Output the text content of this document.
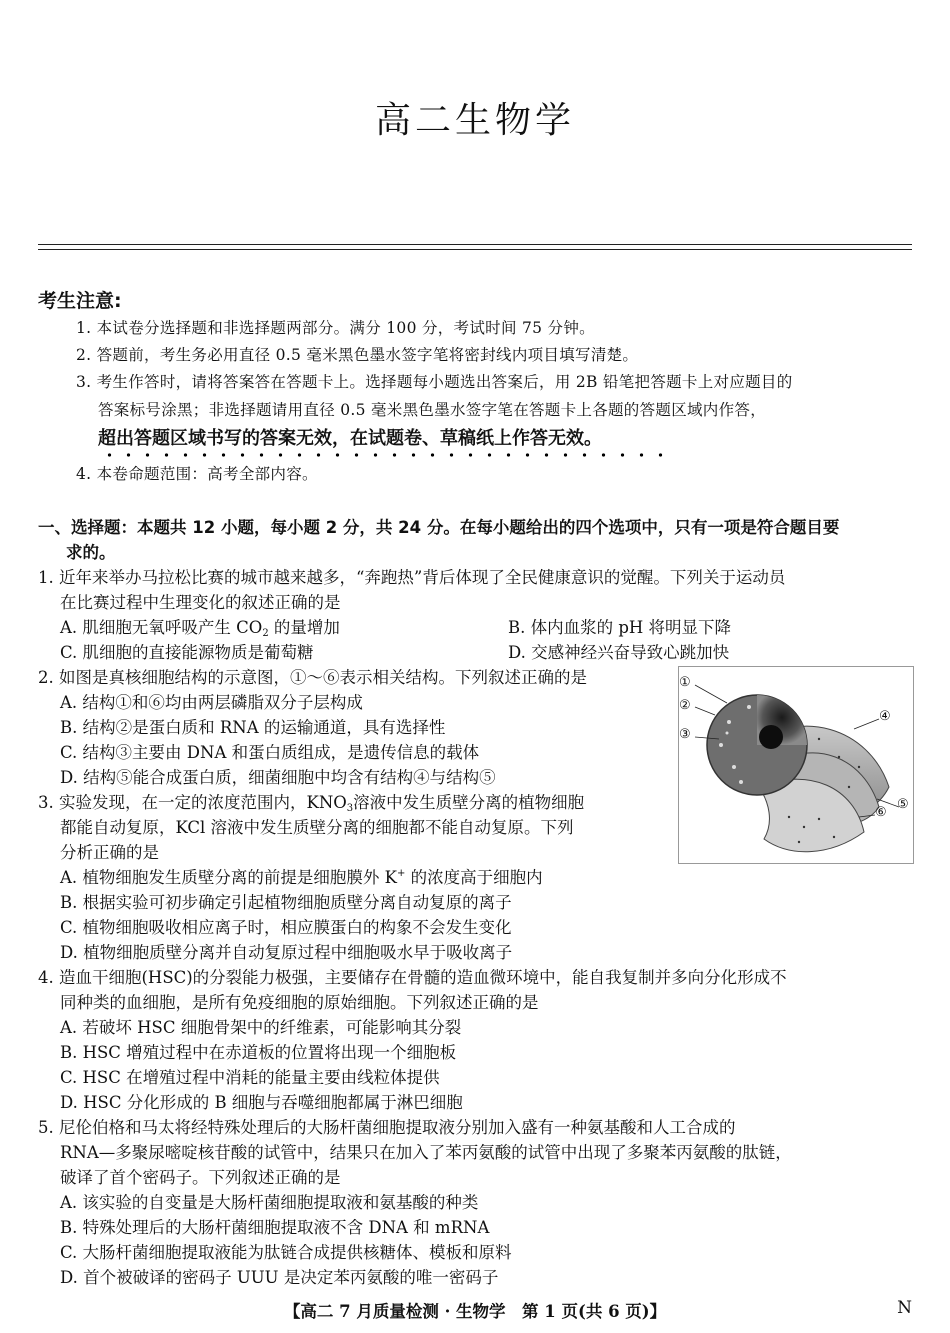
高二生物学
考生注意:
1. 本试卷分选择题和非选择题两部分。满分 100 分，考试时间 75 分钟。
2. 答题前，考生务必用直径 0.5 毫米黑色墨水签字笔将密封线内项目填写清楚。
3. 考生作答时，请将答案答在答题卡上。选择题每小题选出答案后，用 2B 铅笔把答题卡上对应题目的
答案标号涂黑；非选择题请用直径 0.5 毫米黑色墨水签字笔在答题卡上各题的答题区域内作答，
超出答题区域书写的答案无效，在试题卷、草稿纸上作答无效。
4. 本卷命题范围：高考全部内容。
一、选择题：本题共 12 小题，每小题 2 分，共 24 分。在每小题给出的四个选项中，只有一项是符合题目要
求的。
1. 近年来举办马拉松比赛的城市越来越多，“奔跑热”背后体现了全民健康意识的觉醒。下列关于运动员
在比赛过程中生理变化的叙述正确的是
A. 肌细胞无氧呼吸产生 CO2 的量增加	B. 体内血浆的 pH 将明显下降
C. 肌细胞的直接能源物质是葡萄糖	D. 交感神经兴奋导致心跳加快
2. 如图是真核细胞结构的示意图，①～⑥表示相关结构。下列叙述正确的是
A. 结构①和⑥均由两层磷脂双分子层构成
B. 结构②是蛋白质和 RNA 的运输通道，具有选择性
C. 结构③主要由 DNA 和蛋白质组成，是遗传信息的载体
D. 结构⑤能合成蛋白质，细菌细胞中均含有结构④与结构⑤
①
②
③
④
⑤
⑥
3. 实验发现，在一定的浓度范围内，KNO3溶液中发生质壁分离的植物细胞
都能自动复原，KCl 溶液中发生质壁分离的细胞都不能自动复原。下列
分析正确的是
A. 植物细胞发生质壁分离的前提是细胞膜外 K+ 的浓度高于细胞内
B. 根据实验可初步确定引起植物细胞质壁分离自动复原的离子
C. 植物细胞吸收相应离子时，相应膜蛋白的构象不会发生变化
D. 植物细胞质壁分离并自动复原过程中细胞吸水早于吸收离子
4. 造血干细胞(HSC)的分裂能力极强，主要储存在骨髓的造血微环境中，能自我复制并多向分化形成不
同种类的血细胞，是所有免疫细胞的原始细胞。下列叙述正确的是
A. 若破坏 HSC 细胞骨架中的纤维素，可能影响其分裂
B. HSC 增殖过程中在赤道板的位置将出现一个细胞板
C. HSC 在增殖过程中消耗的能量主要由线粒体提供
D. HSC 分化形成的 B 细胞与吞噬细胞都属于淋巴细胞
5. 尼伦伯格和马太将经特殊处理后的大肠杆菌细胞提取液分别加入盛有一种氨基酸和人工合成的
RNA—多聚尿嘧啶核苷酸的试管中，结果只在加入了苯丙氨酸的试管中出现了多聚苯丙氨酸的肽链，
破译了首个密码子。下列叙述正确的是
A. 该实验的自变量是大肠杆菌细胞提取液和氨基酸的种类
B. 特殊处理后的大肠杆菌细胞提取液不含 DNA 和 mRNA
C. 大肠杆菌细胞提取液能为肽链合成提供核糖体、模板和原料
D. 首个被破译的密码子 UUU 是决定苯丙氨酸的唯一密码子
【高二 7 月质量检测 · 生物学　第 1 页(共 6 页)】	N
